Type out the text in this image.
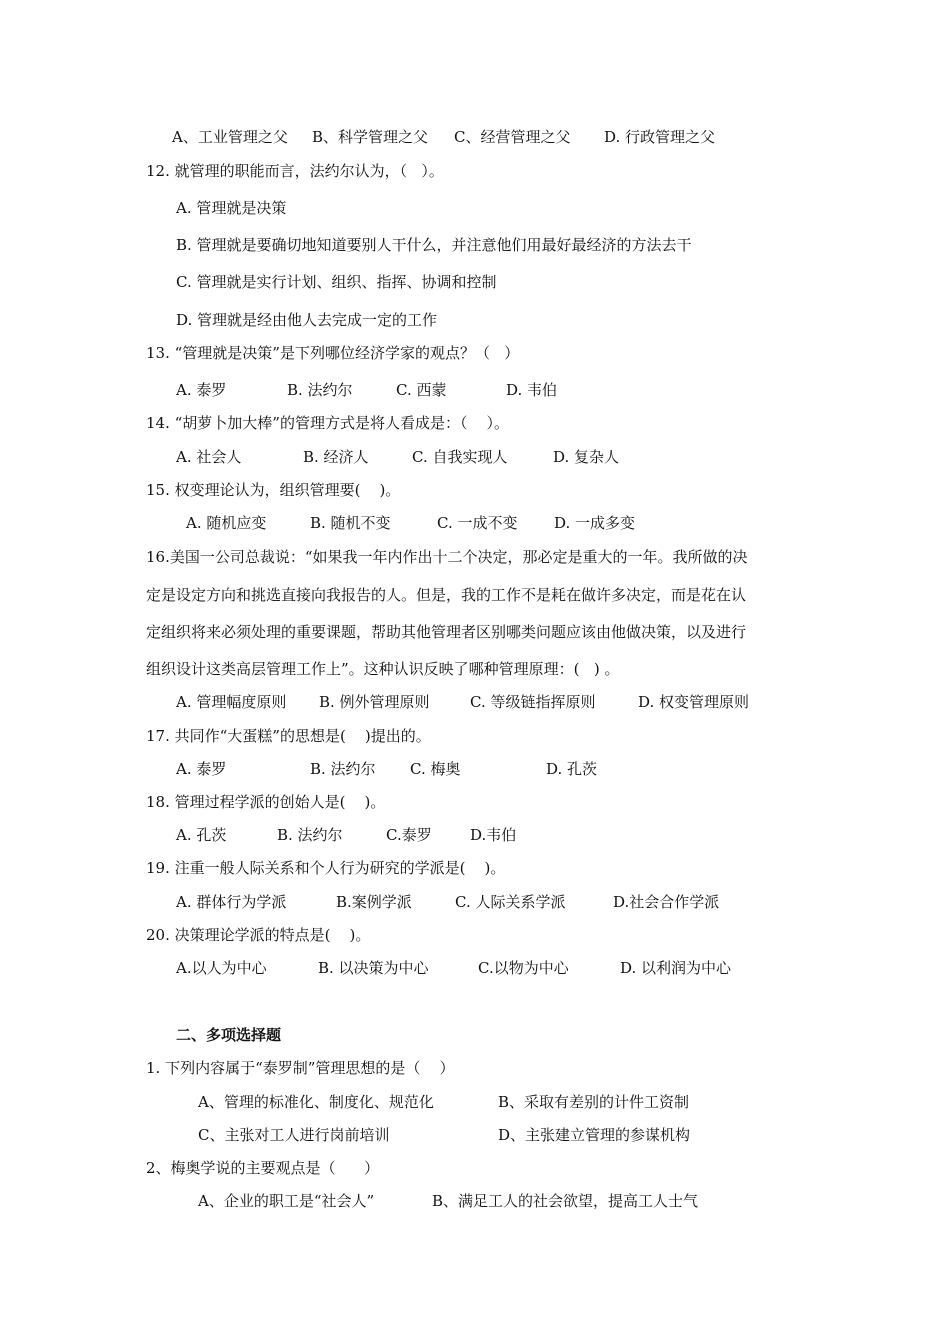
A、工业管理之父 B、科学管理之父 C、经营管理之父 D. 行政管理之父
12. 就管理的职能而言，法约尔认为，（   ）。
A. 管理就是决策
B. 管理就是要确切地知道要别人干什么，并注意他们用最好最经济的方法去干
C. 管理就是实行计划、组织、指挥、协调和控制
D. 管理就是经由他人去完成一定的工作
13. “管理就是决策”是下列哪位经济学家的观点？（   ）
A. 泰罗	B. 法约尔	C. 西蒙	D. 韦伯
14. “胡萝卜加大棒”的管理方式是将人看成是：（    ）。
A. 社会人	B. 经济人	C. 自我实现人	D. 复杂人
15. 权变理论认为，组织管理要(    )。
A. 随机应变	B. 随机不变	C. 一成不变 D. 一成多变
16.美国一公司总裁说：“如果我一年内作出十二个决定，那必定是重大的一年。我所做的决
定是设定方向和挑选直接向我报告的人。但是，我的工作不是耗在做许多决定，而是花在认
定组织将来必须处理的重要课题，帮助其他管理者区别哪类问题应该由他做决策，以及进行
组织设计这类高层管理工作上”。这种认识反映了哪种管理原理：(   ) 。
A. 管理幅度原则 B. 例外管理原则	C. 等级链指挥原则	D. 权变管理原则
17. 共同作“大蛋糕”的思想是(    )提出的。
A. 泰罗	B. 法约尔 C. 梅奥	D. 孔茨
18. 管理过程学派的创始人是(    )。
A. 孔茨	B. 法约尔	C.泰罗	D.韦伯
19. 注重一般人际关系和个人行为研究的学派是(    )。
A. 群体行为学派	B.案例学派	C. 人际关系学派	D.社会合作学派
20. 决策理论学派的特点是(    )。
A.以人为中心	B. 以决策为中心	C.以物为中心	D. 以利润为中心
二、多项选择题
1. 下列内容属于“泰罗制”管理思想的是（    ）
A、管理的标准化、制度化、规范化	B、采取有差别的计件工资制
C、主张对工人进行岗前培训	D、主张建立管理的参谋机构
2、梅奥学说的主要观点是（      ）
A、企业的职工是“社会人”	B、满足工人的社会欲望，提高工人士气
